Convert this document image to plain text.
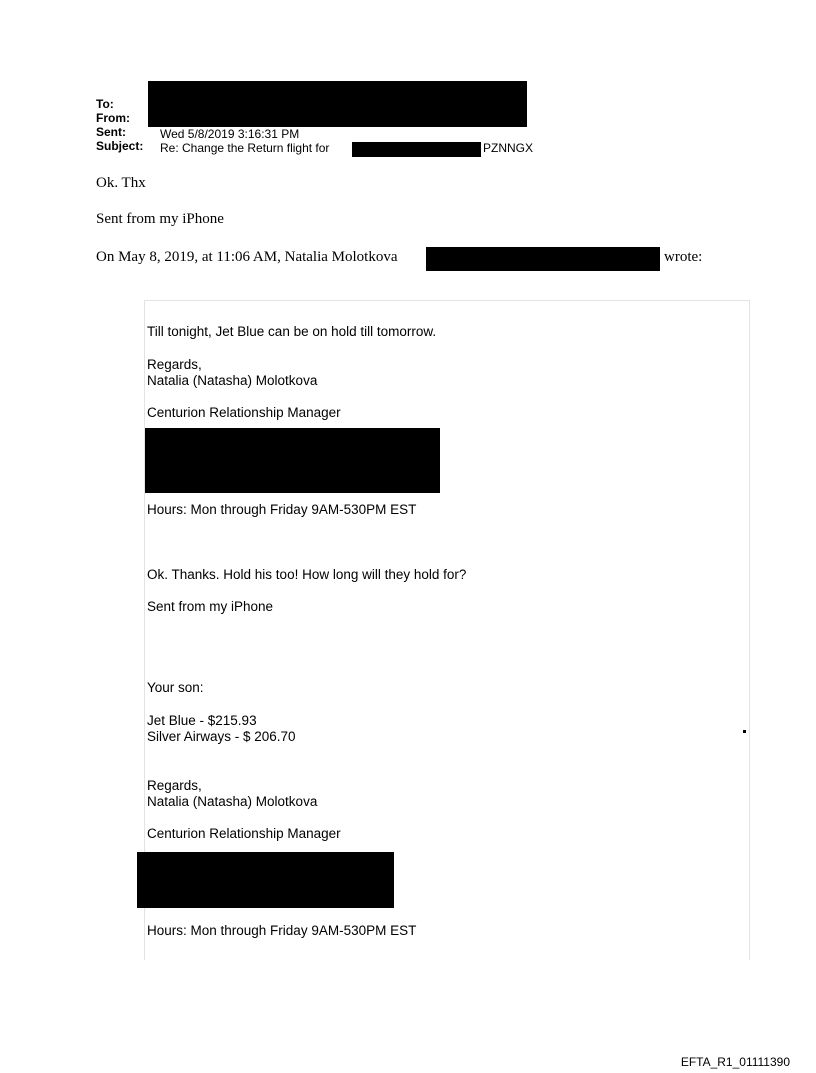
To:
From:
Sent:
Subject:
Wed 5/8/2019 3:16:31 PM
Re: Change the Return flight for	PZNNGX
Ok. Thx
Sent from my iPhone
On May 8, 2019, at 11:06 AM, Natalia Molotkova	wrote:
Till tonight, Jet Blue can be on hold till tomorrow.
Regards,
Natalia (Natasha) Molotkova
Centurion Relationship Manager
Hours: Mon through Friday 9AM-530PM EST
Ok. Thanks. Hold his too! How long will they hold for?
Sent from my iPhone
Your son:
Jet Blue - $215.93
Silver Airways - $ 206.70
Regards,
Natalia (Natasha) Molotkova
Centurion Relationship Manager
Hours: Mon through Friday 9AM-530PM EST
EFTA_R1_01111390
